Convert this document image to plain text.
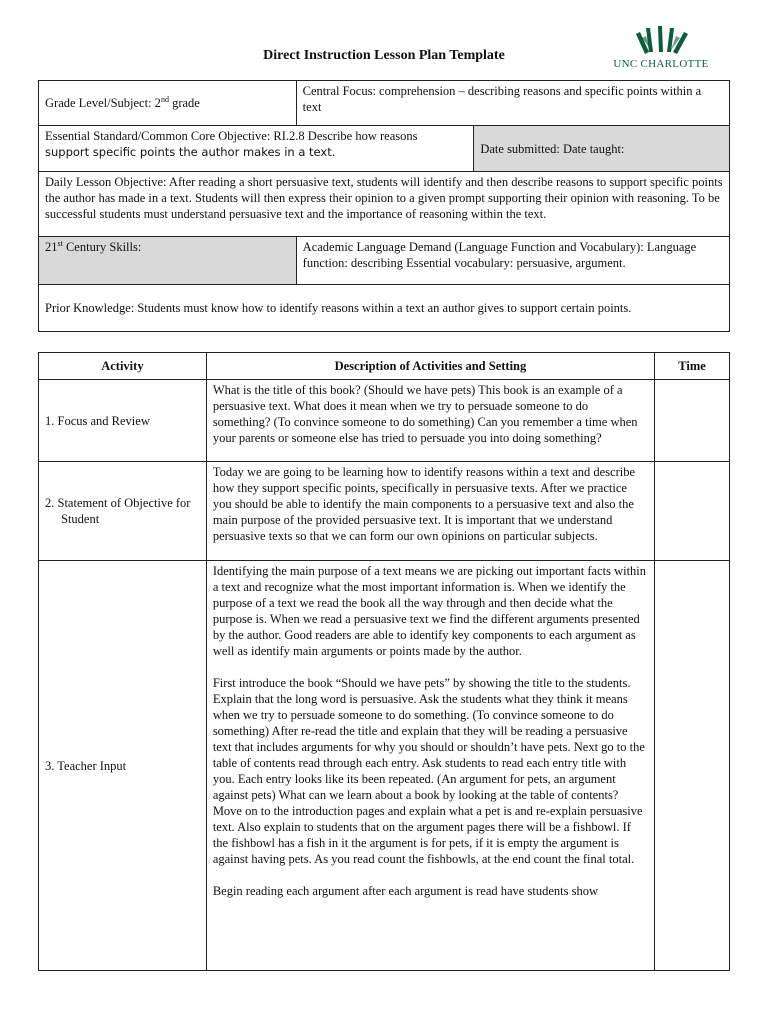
Direct Instruction Lesson Plan Template
UNC CHARLOTTE
Grade Level/Subject: 2nd grade	Central Focus: comprehension – describing reasons and specific points within a text	
Essential Standard/Common Core Objective: RI.2.8 Describe how reasons
support specific points the author makes in a text.		Date submitted: Date taught:
Daily Lesson Objective: After reading a short persuasive text, students will identify and then describe reasons to support specific points the author has made in a text. Students will then express their opinion to a given prompt supporting their opinion with reasoning. To be successful students must understand persuasive text and the importance of reasoning within the text.		
21st Century Skills:	Academic Language Demand (Language Function and Vocabulary): Language function: describing Essential vocabulary: persuasive, argument.	
Prior Knowledge: Students must know how to identify reasons within a text an author gives to support certain points.		
Activity	Description of Activities and Setting	Time

1. Focus and Review	What is the title of this book? (Should we have pets) This book is an example of a persuasive text. What does it mean when we try to persuade someone to do something? (To convince someone to do something) Can you remember a time when your parents or someone else has tried to persuade you into doing something?	

2. Statement of Objective for Student	Today we are going to be learning how to identify reasons within a text and describe how they support specific points, specifically in persuasive texts. After we practice you should be able to identify the main components to a persuasive text and also the main purpose of the provided persuasive text. It is important that we understand persuasive texts so that we can form our own opinions on particular subjects.	

3. Teacher Input	Identifying the main purpose of a text means we are picking out important facts within a text and recognize what the most important information is. When we identify the purpose of a text we read the book all the way through and then decide what the purpose is. When we read a persuasive text we find the different arguments presented by the author. Good readers are able to identify key components to each argument as well as identify main arguments or points made by the author.

First introduce the book “Should we have pets” by showing the title to the students. Explain that the long word is persuasive. Ask the students what they think it means when we try to persuade someone to do something. (To convince someone to do something) After re-read the title and explain that they will be reading a persuasive text that includes arguments for why you should or shouldn’t have pets. Next go to the table of contents read through each entry. Ask students to read each entry title with you. Each entry looks like its been repeated. (An argument for pets, an argument against pets) What can we learn about a book by looking at the table of contents? Move on to the introduction pages and explain what a pet is and re-explain persuasive text. Also explain to students that on the argument pages there will be a fishbowl. If the fishbowl has a fish in it the argument is for pets, if it is empty the argument is against having pets. As you read count the fishbowls, at the end count the final total.

Begin reading each argument after each argument is read have students show	
